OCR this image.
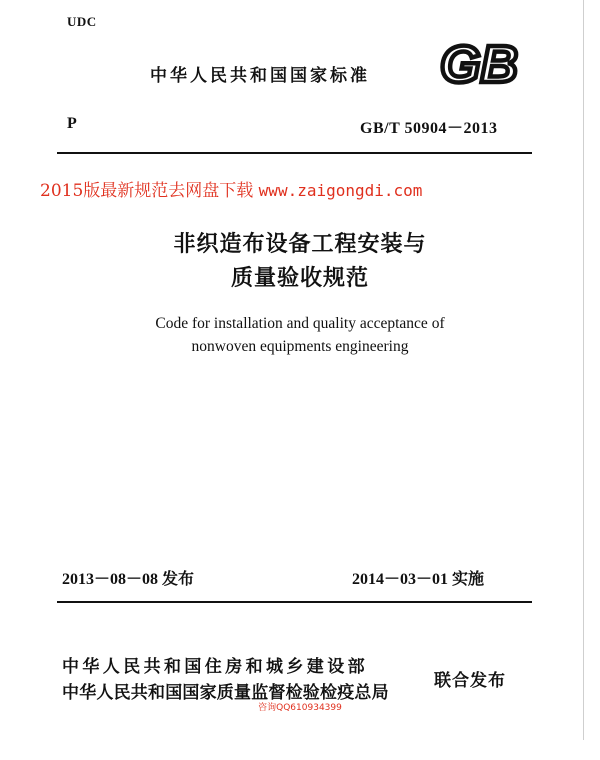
UDC
中华人民共和国国家标准 GB
P	GB/T 50904－2013
2015版最新规范去网盘下载 www.zaigongdi.com
非织造布设备工程安装与
质量验收规范
Code for installation and quality acceptance of
nonwoven equipments engineering
2013－08－08 发布	2014－03－01 实施
中华人民共和国住房和城乡建设部
中华人民共和国国家质量监督检验检疫总局
联合发布
咨询QQ610934399
